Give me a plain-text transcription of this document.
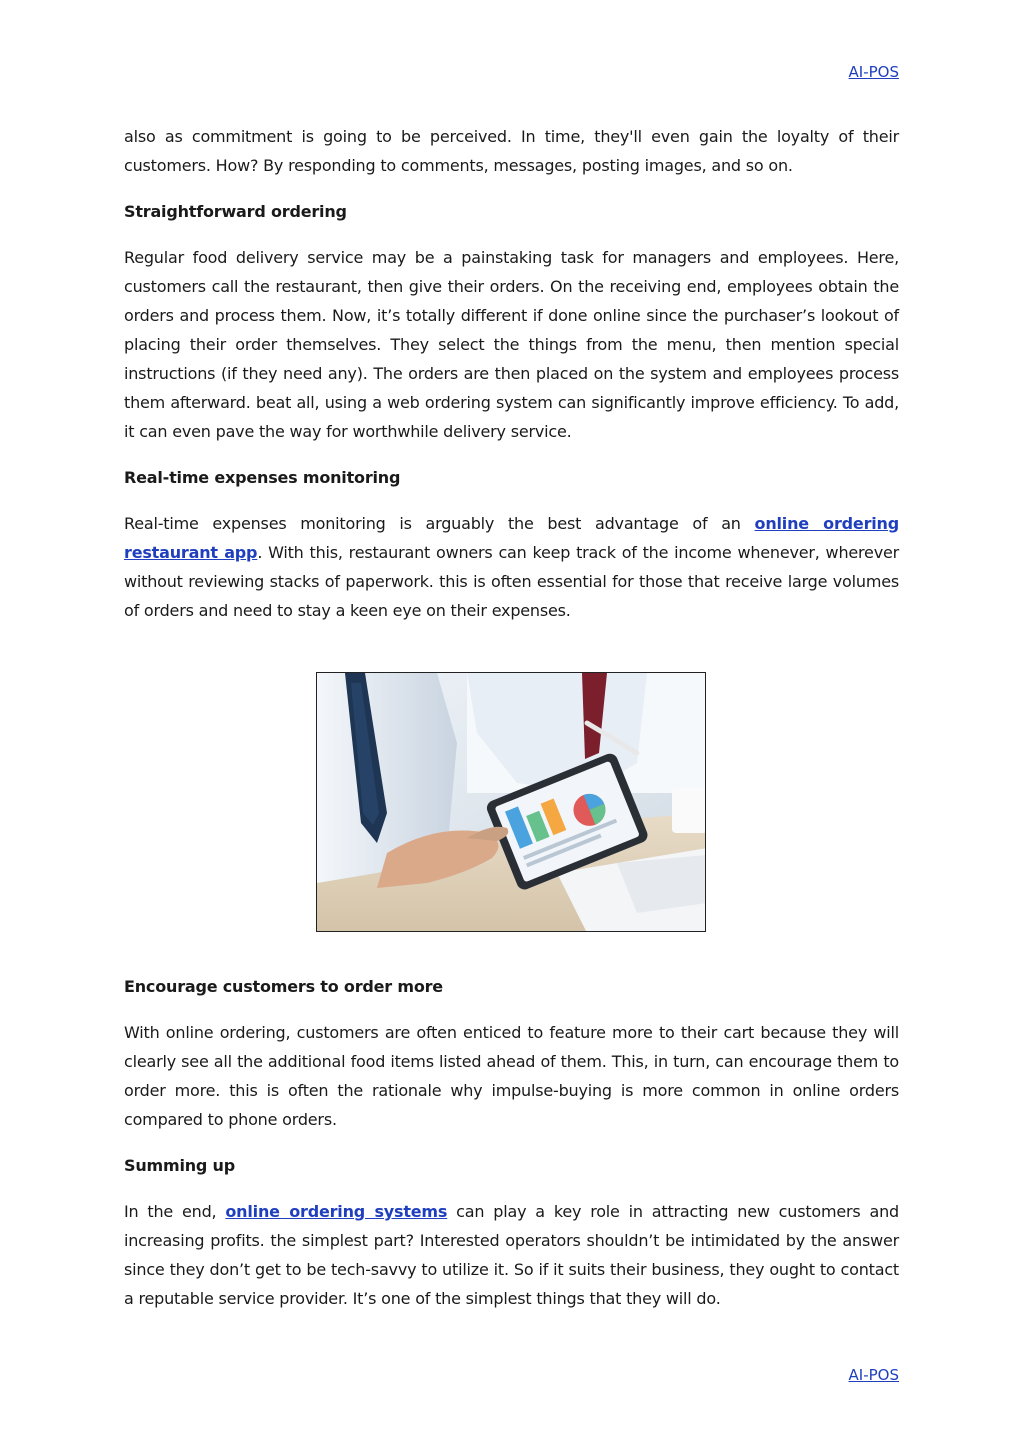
AI-POS

also as commitment is going to be perceived. In time, they'll even gain the loyalty of their customers. How? By responding to comments, messages, posting images, and so on.

Straightforward ordering

Regular food delivery service may be a painstaking task for managers and employees. Here, customers call the restaurant, then give their orders. On the receiving end, employees obtain the orders and process them. Now, it’s totally different if done online since the purchaser’s lookout of placing their order themselves. They select the things from the menu, then mention special instructions (if they need any). The orders are then placed on the system and employees process them afterward. beat all, using a web ordering system can significantly improve efficiency. To add, it can even pave the way for worthwhile delivery service.

Real-time expenses monitoring

Real-time expenses monitoring is arguably the best advantage of an online ordering restaurant app. With this, restaurant owners can keep track of the income whenever, wherever without reviewing stacks of paperwork. this is often essential for those that receive large volumes of orders and need to stay a keen eye on their expenses.

Encourage customers to order more

With online ordering, customers are often enticed to feature more to their cart because they will clearly see all the additional food items listed ahead of them. This, in turn, can encourage them to order more. this is often the rationale why impulse-buying is more common in online orders compared to phone orders.

Summing up

In the end, online ordering systems can play a key role in attracting new customers and increasing profits. the simplest part? Interested operators shouldn’t be intimidated by the answer since they don’t get to be tech-savvy to utilize it. So if it suits their business, they ought to contact a reputable service provider. It’s one of the simplest things that they will do.

AI-POS
